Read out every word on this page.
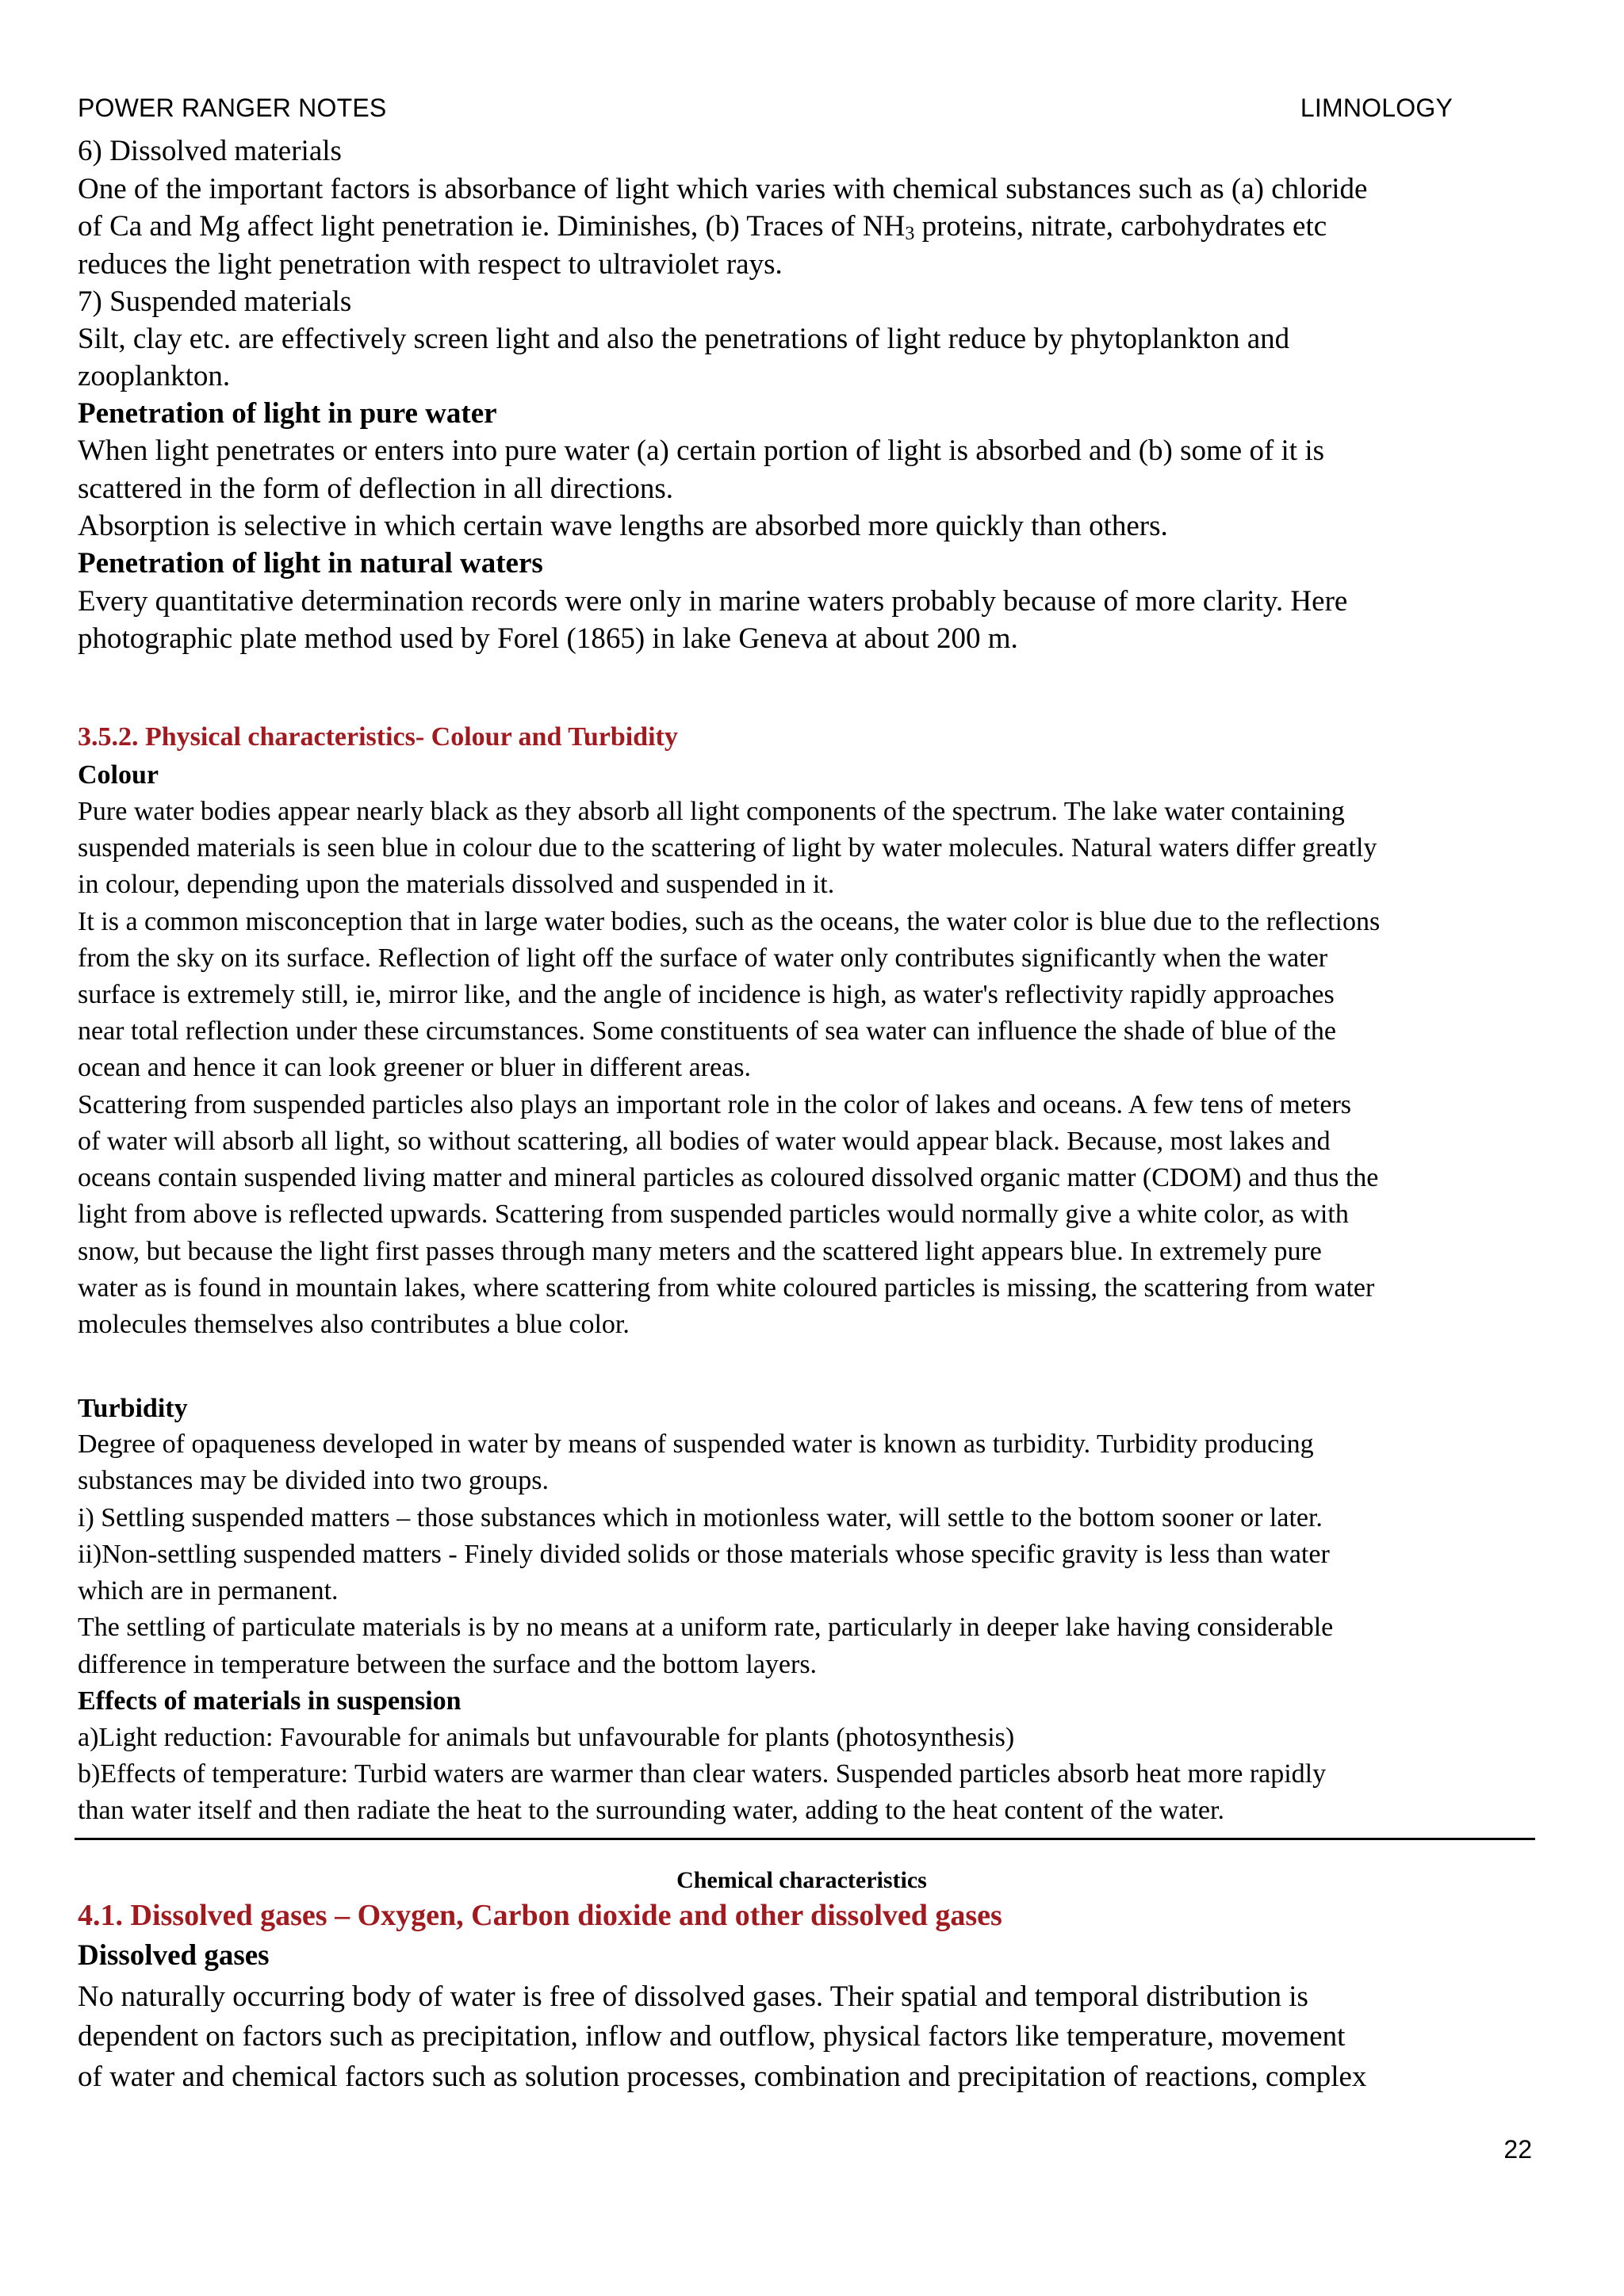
POWER RANGER NOTES	LIMNOLOGY
6) Dissolved materials
One of the important factors is absorbance of light which varies with chemical substances such as (a) chloride
of Ca and Mg affect light penetration ie. Diminishes, (b) Traces of $NH_3$ proteins, nitrate, carbohydrates etc
reduces the light penetration with respect to ultraviolet rays.
7) Suspended materials
Silt, clay etc. are effectively screen light and also the penetrations of light reduce by phytoplankton and
zooplankton.
Penetration of light in pure water
When light penetrates or enters into pure water (a) certain portion of light is absorbed and (b) some of it is
scattered in the form of deflection in all directions.
Absorption is selective in which certain wave lengths are absorbed more quickly than others.
Penetration of light in natural waters
Every quantitative determination records were only in marine waters probably because of more clarity. Here
photographic plate method used by Forel (1865) in lake Geneva at about 200 m.
3.5.2. Physical characteristics- Colour and Turbidity
Colour
Pure water bodies appear nearly black as they absorb all light components of the spectrum. The lake water containing
suspended materials is seen blue in colour due to the scattering of light by water molecules. Natural waters differ greatly
in colour, depending upon the materials dissolved and suspended in it.
It is a common misconception that in large water bodies, such as the oceans, the water color is blue due to the reflections
from the sky on its surface. Reflection of light off the surface of water only contributes significantly when the water
surface is extremely still, ie, mirror like, and the angle of incidence is high, as water's reflectivity rapidly approaches
near total reflection under these circumstances. Some constituents of sea water can influence the shade of blue of the
ocean and hence it can look greener or bluer in different areas.
Scattering from suspended particles also plays an important role in the color of lakes and oceans. A few tens of meters
of water will absorb all light, so without scattering, all bodies of water would appear black. Because, most lakes and
oceans contain suspended living matter and mineral particles as coloured dissolved organic matter (CDOM) and thus the
light from above is reflected upwards. Scattering from suspended particles would normally give a white color, as with
snow, but because the light first passes through many meters and the scattered light appears blue. In extremely pure
water as is found in mountain lakes, where scattering from white coloured particles is missing, the scattering from water
molecules themselves also contributes a blue color.
Turbidity
Degree of opaqueness developed in water by means of suspended water is known as turbidity. Turbidity producing
substances may be divided into two groups.
i) Settling suspended matters – those substances which in motionless water, will settle to the bottom sooner or later.
ii)Non-settling suspended matters - Finely divided solids or those materials whose specific gravity is less than water
which are in permanent.
The settling of particulate materials is by no means at a uniform rate, particularly in deeper lake having considerable
difference in temperature between the surface and the bottom layers.
Effects of materials in suspension
a)Light reduction: Favourable for animals but unfavourable for plants (photosynthesis)
b)Effects of temperature: Turbid waters are warmer than clear waters. Suspended particles absorb heat more rapidly
than water itself and then radiate the heat to the surrounding water, adding to the heat content of the water.
Chemical characteristics
4.1. Dissolved gases – Oxygen, Carbon dioxide and other dissolved gases
Dissolved gases
No naturally occurring body of water is free of dissolved gases. Their spatial and temporal distribution is
dependent on factors such as precipitation, inflow and outflow, physical factors like temperature, movement
of water and chemical factors such as solution processes, combination and precipitation of reactions, complex
22
